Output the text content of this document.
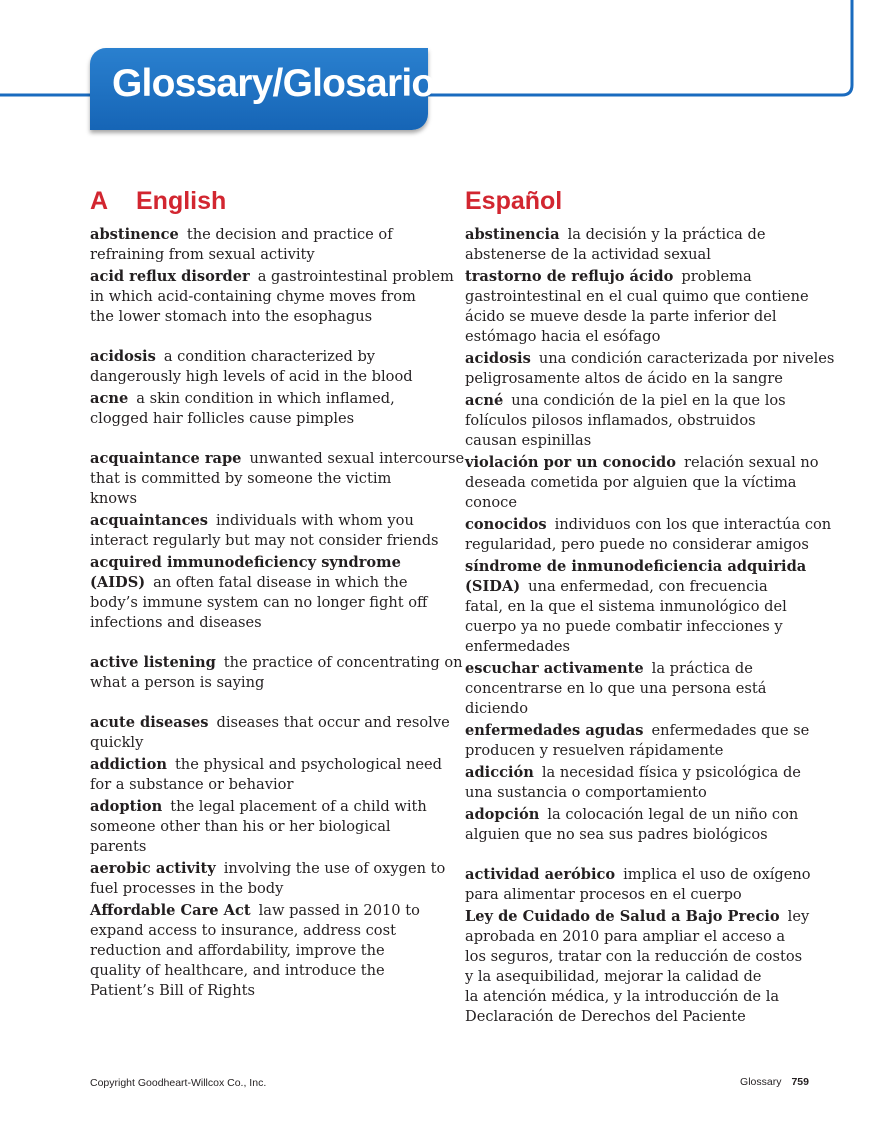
Glossary/Glosario
A English
abstinence the decision and practice of
refraining from sexual activity
acid reflux disorder a gastrointestinal problem
in which acid-containing chyme moves from
the lower stomach into the esophagus
acidosis a condition characterized by
dangerously high levels of acid in the blood
acne a skin condition in which inflamed,
clogged hair follicles cause pimples
acquaintance rape unwanted sexual intercourse
that is committed by someone the victim
knows
acquaintances individuals with whom you
interact regularly but may not consider friends
acquired immunodeficiency syndrome
(AIDS) an often fatal disease in which the
body’s immune system can no longer fight off
infections and diseases
active listening the practice of concentrating on
what a person is saying
acute diseases diseases that occur and resolve
quickly
addiction the physical and psychological need
for a substance or behavior
adoption the legal placement of a child with
someone other than his or her biological
parents
aerobic activity involving the use of oxygen to
fuel processes in the body
Affordable Care Act law passed in 2010 to
expand access to insurance, address cost
reduction and affordability, improve the
quality of healthcare, and introduce the
Patient’s Bill of Rights
Español
abstinencia la decisión y la práctica de
abstenerse de la actividad sexual
trastorno de reflujo ácido problema
gastrointestinal en el cual quimo que contiene
ácido se mueve desde la parte inferior del
estómago hacia el esófago
acidosis una condición caracterizada por niveles
peligrosamente altos de ácido en la sangre
acné una condición de la piel en la que los
folículos pilosos inflamados, obstruidos
causan espinillas
violación por un conocido relación sexual no
deseada cometida por alguien que la víctima
conoce
conocidos individuos con los que interactúa con
regularidad, pero puede no considerar amigos
síndrome de inmunodeficiencia adquirida
(SIDA) una enfermedad, con frecuencia
fatal, en la que el sistema inmunológico del
cuerpo ya no puede combatir infecciones y
enfermedades
escuchar activamente la práctica de
concentrarse en lo que una persona está
diciendo
enfermedades agudas enfermedades que se
producen y resuelven rápidamente
adicción la necesidad física y psicológica de
una sustancia o comportamiento
adopción la colocación legal de un niño con
alguien que no sea sus padres biológicos
actividad aeróbico implica el uso de oxígeno
para alimentar procesos en el cuerpo
Ley de Cuidado de Salud a Bajo Precio ley
aprobada en 2010 para ampliar el acceso a
los seguros, tratar con la reducción de costos
y la asequibilidad, mejorar la calidad de
la atención médica, y la introducción de la
Declaración de Derechos del Paciente
Copyright Goodheart-Willcox Co., Inc.	Glossary 759
